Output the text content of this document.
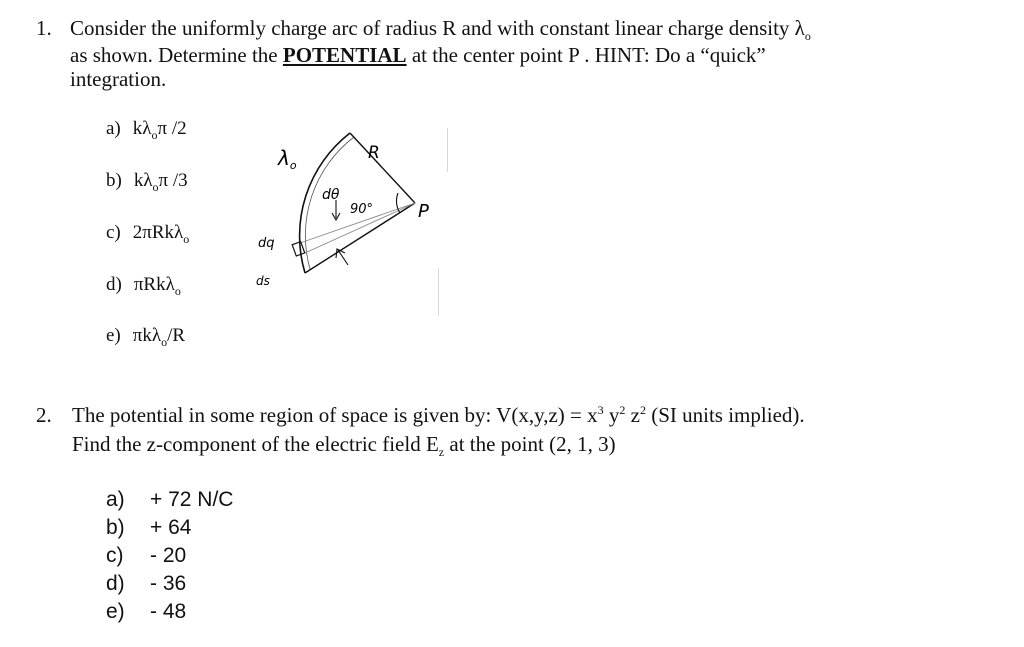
1. Consider the uniformly charge arc of radius R and with constant linear charge density $\lambda_o$
as shown. Determine the POTENTIAL at the center point P . HINT: Do a “quick”
integration.
a) $k\lambda_o\pi$ /2
b) $k\lambda_o\pi$ /3
c) 2πRkλ$_o$
d) πRkλ$_o$
e) πkλ$_o$/R
$\lambda_o$
R
dθ
90° P
dq
ds
2. The potential in some region of space is given by: $V(x,y,z) = x^3$ $y^2$ $z^2$ (SI units implied).
Find the z-component of the electric field $E_z$ at the point (2, 1, 3)
a) + 72 N/C
b) + 64
c) - 20
d) - 36
e) - 48
